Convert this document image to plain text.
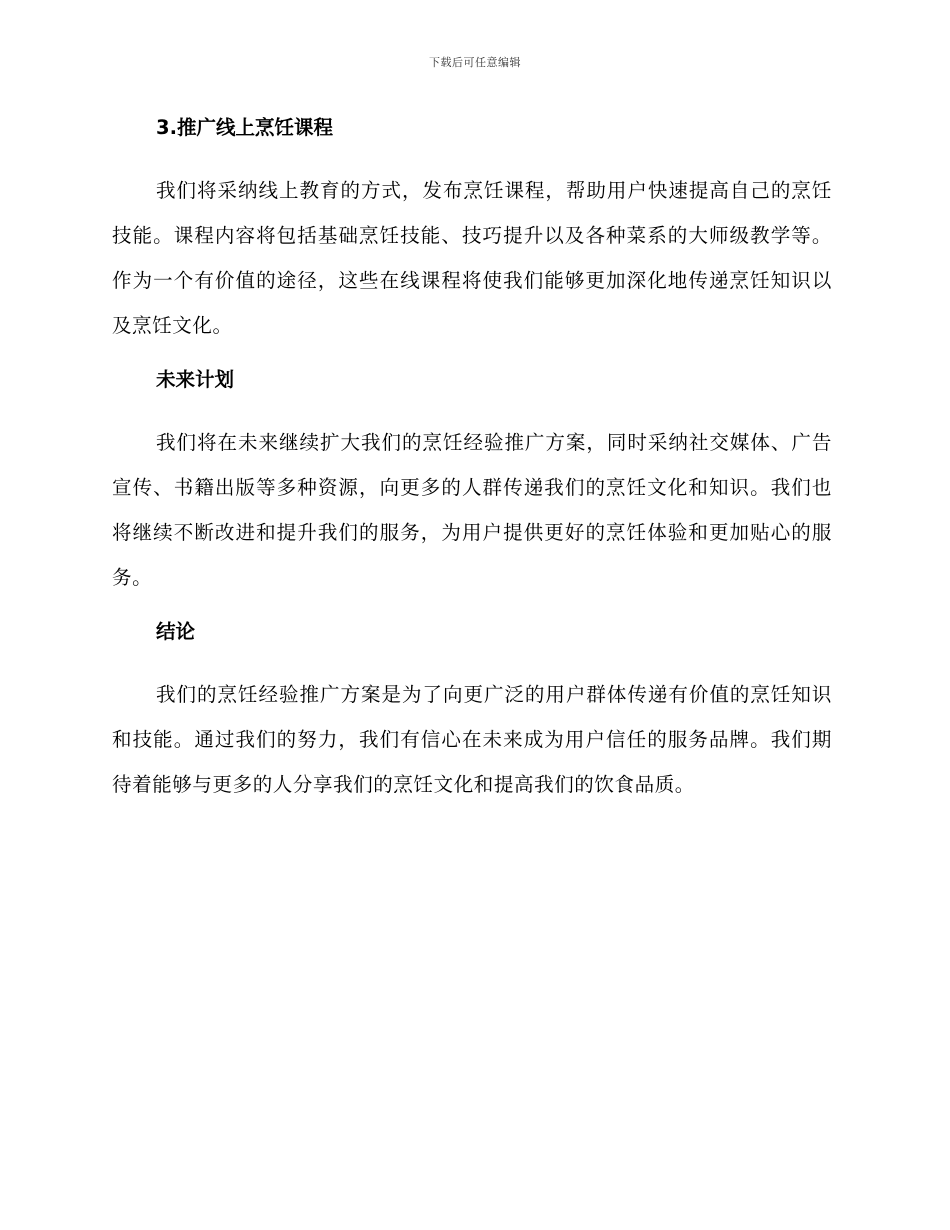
下载后可任意编辑
3.推广线上烹饪课程

我们将采纳线上教育的方式，发布烹饪课程，帮助用户快速提高自己的烹饪技能。课程内容将包括基础烹饪技能、技巧提升以及各种菜系的大师级教学等。作为一个有价值的途径，这些在线课程将使我们能够更加深化地传递烹饪知识以及烹饪文化。

未来计划

我们将在未来继续扩大我们的烹饪经验推广方案，同时采纳社交媒体、广告宣传、书籍出版等多种资源，向更多的人群传递我们的烹饪文化和知识。我们也将继续不断改进和提升我们的服务，为用户提供更好的烹饪体验和更加贴心的服务。

结论

我们的烹饪经验推广方案是为了向更广泛的用户群体传递有价值的烹饪知识和技能。通过我们的努力，我们有信心在未来成为用户信任的服务品牌。我们期待着能够与更多的人分享我们的烹饪文化和提高我们的饮食品质。
